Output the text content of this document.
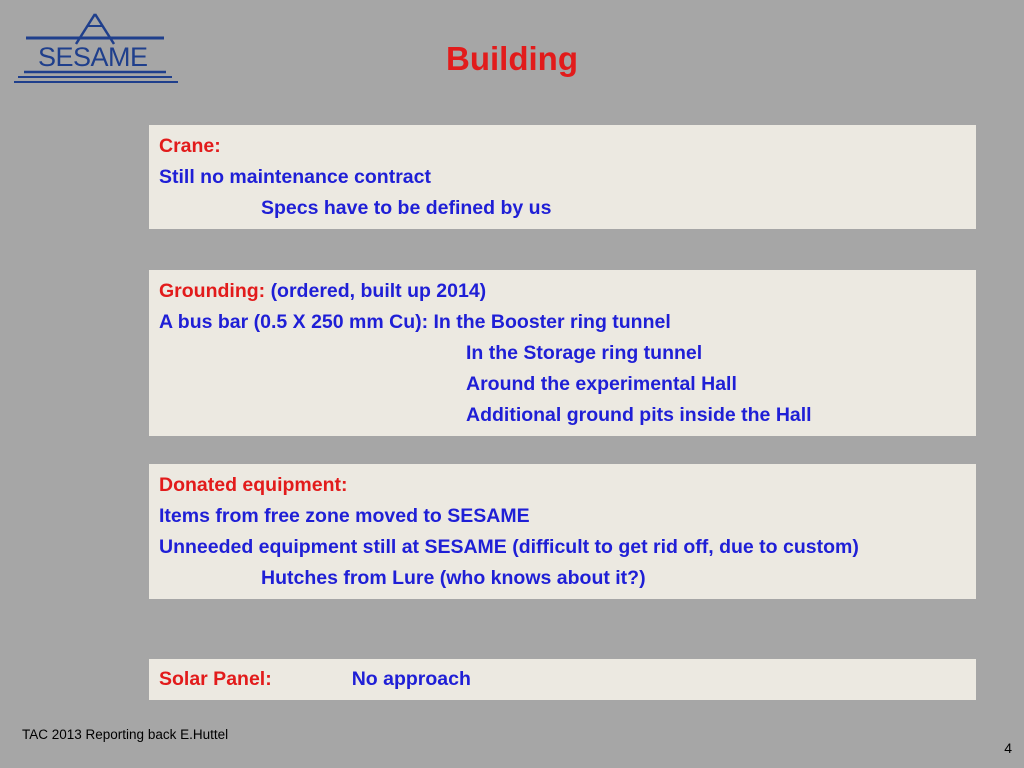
SESAME	Building
Crane:
Still no maintenance contract
Specs have to be defined by us
Grounding: (ordered, built up 2014)
A bus bar (0.5 X 250 mm Cu): In the Booster ring tunnel
In the Storage ring tunnel
Around the experimental Hall
Additional ground pits inside the Hall
Donated equipment:
Items from free zone moved to SESAME
Unneeded equipment still at SESAME (difficult to get rid off, due to custom)
Hutches from Lure (who knows about it?)
Solar Panel:	No approach
TAC 2013 Reporting back E.Huttel
4
